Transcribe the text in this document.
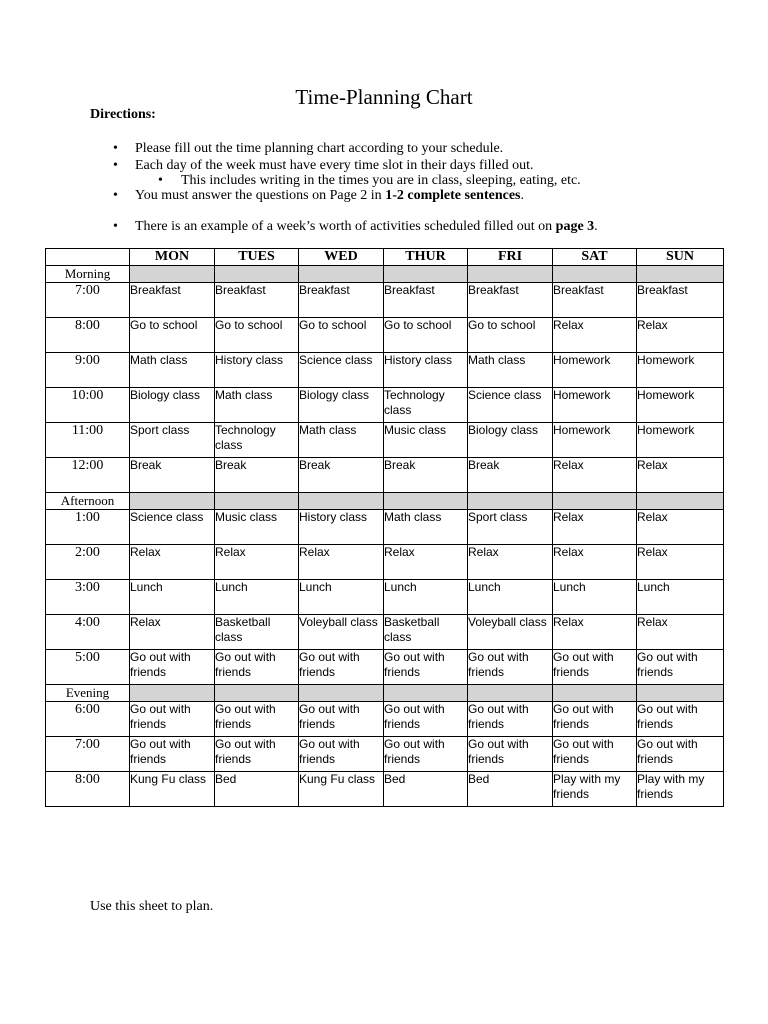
Time-Planning Chart

Directions:

• Please fill out the time planning chart according to your schedule.
• Each day of the week must have every time slot in their days filled out.
• This includes writing in the times you are in class, sleeping, eating, etc.
• You must answer the questions on Page 2 in 1-2 complete sentences.
• There is an example of a week’s worth of activities scheduled filled out on page 3.
	MON	TUES	WED	THUR	FRI	SAT	SUN
Morning							
7:00	Breakfast	Breakfast	Breakfast	Breakfast	Breakfast	Breakfast	Breakfast
8:00	Go to school	Go to school	Go to school	Go to school	Go to school	Relax	Relax
9:00	Math class	History class	Science class	History class	Math class	Homework	Homework
10:00	Biology class	Math class	Biology class	Technology class	Science class	Homework	Homework
11:00	Sport class	Technology class	Math class	Music class	Biology class	Homework	Homework
12:00	Break	Break	Break	Break	Break	Relax	Relax
Afternoon							
1:00	Science class	Music class	History class	Math class	Sport class	Relax	Relax
2:00	Relax	Relax	Relax	Relax	Relax	Relax	Relax
3:00	Lunch	Lunch	Lunch	Lunch	Lunch	Lunch	Lunch
4:00	Relax	Basketball class	Voleyball class	Basketball class	Voleyball class	Relax	Relax
5:00	Go out with friends	Go out with friends	Go out with friends	Go out with friends	Go out with friends	Go out with friends	Go out with friends
Evening							
6:00	Go out with friends	Go out with friends	Go out with friends	Go out with friends	Go out with friends	Go out with friends	Go out with friends
7:00	Go out with friends	Go out with friends	Go out with friends	Go out with friends	Go out with friends	Go out with friends	Go out with friends
8:00	Kung Fu class	Bed	Kung Fu class	Bed	Bed	Play with my friends	Play with my friends

Use this sheet to plan.
